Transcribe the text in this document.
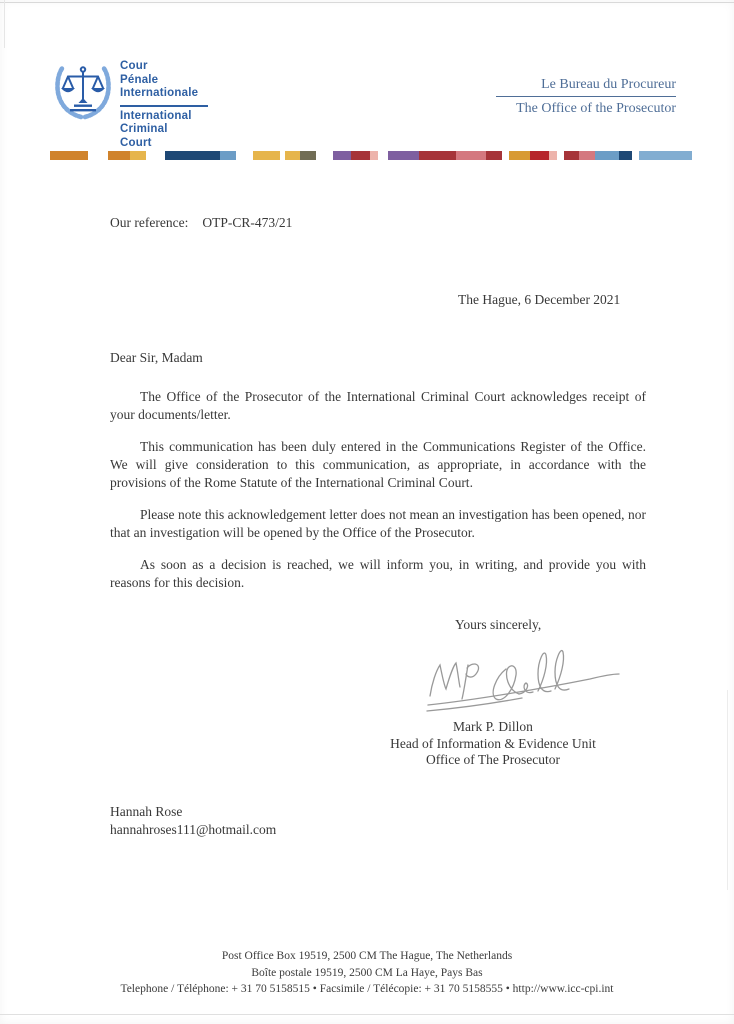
Cour
Pénale
Internationale
International
Criminal
Court
Le Bureau du Procureur
The Office of the Prosecutor
Our reference: OTP-CR-473/21
The Hague, 6 December 2021

Dear Sir, Madam

The Office of the Prosecutor of the International Criminal Court acknowledges receipt of your documents/letter.

This communication has been duly entered in the Communications Register of the Office. We will give consideration to this communication, as appropriate, in accordance with the provisions of the Rome Statute of the International Criminal Court.

Please note this acknowledgement letter does not mean an investigation has been opened, nor that an investigation will be opened by the Office of the Prosecutor.

As soon as a decision is reached, we will inform you, in writing, and provide you with reasons for this decision.

Yours sincerely,
Mark P. Dillon
Head of Information & Evidence Unit
Office of The Prosecutor
Hannah Rose
hannahroses111@hotmail.com
Post Office Box 19519, 2500 CM The Hague, The Netherlands
Boîte postale 19519, 2500 CM La Haye, Pays Bas
Telephone / Téléphone: + 31 70 5158515 • Facsimile / Télécopie: + 31 70 5158555 • http://www.icc-cpi.int
